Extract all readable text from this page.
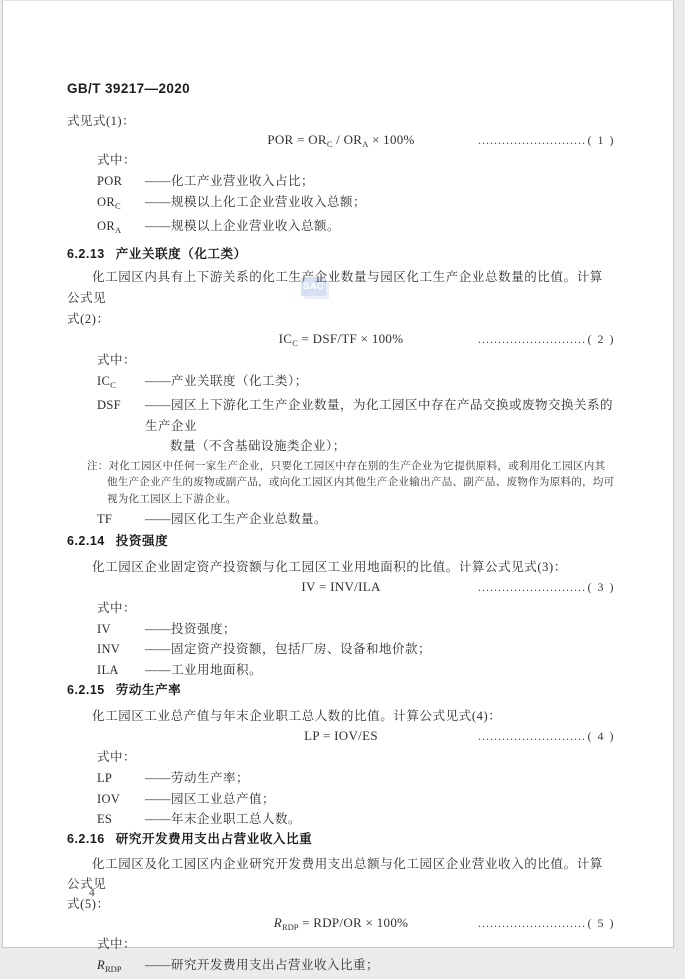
SAC
GB/T 39217—2020
式见式(1)：
POR = $OR_C / OR_A \times 100\%$	……………………… ( 1 )
式中：
POR	——化工产业营业收入占比；
$OR_C$	——规模以上化工企业营业收入总额；
$OR_A$	——规模以上企业营业收入总额。
6.2.13 产业关联度（化工类）
化工园区内具有上下游关系的化工生产企业数量与园区化工生产企业总数量的比值。计算公式见
式(2)：
$IC_C = DSF/TF \times 100\%$	……………………… ( 2 )
式中：
$IC_C$	——产业关联度（化工类）；
DSF	——园区上下游化工生产企业数量，为化工园区中存在产品交换或废物交换关系的生产企业
数量（不含基础设施类企业）；
注：对化工园区中任何一家生产企业，只要化工园区中存在别的生产企业为它提供原料，或利用化工园区内其他生产企业产生的废物或副产品，或向化工园区内其他生产企业输出产品、副产品、废物作为原料的，均可视为化工园区上下游企业。
TF	——园区化工生产企业总数量。
6.2.14 投资强度
化工园区企业固定资产投资额与化工园区工业用地面积的比值。计算公式见式(3)：
IV = INV/ILA	……………………… ( 3 )
式中：
IV	——投资强度；
INV	——固定资产投资额，包括厂房、设备和地价款；
ILA	——工业用地面积。
6.2.15 劳动生产率
化工园区工业总产值与年末企业职工总人数的比值。计算公式见式(4)：
LP = IOV/ES	……………………… ( 4 )
式中：
LP	——劳动生产率；
IOV	——园区工业总产值；
ES	——年末企业职工总人数。
6.2.16 研究开发费用支出占营业收入比重
化工园区及化工园区内企业研究开发费用支出总额与化工园区企业营业收入的比值。计算公式见
式(5)：
$R_{RDP} = RDP/OR \times 100\%$	……………………… ( 5 )
式中：
$R_{RDP}$	——研究开发费用支出占营业收入比重；
4
